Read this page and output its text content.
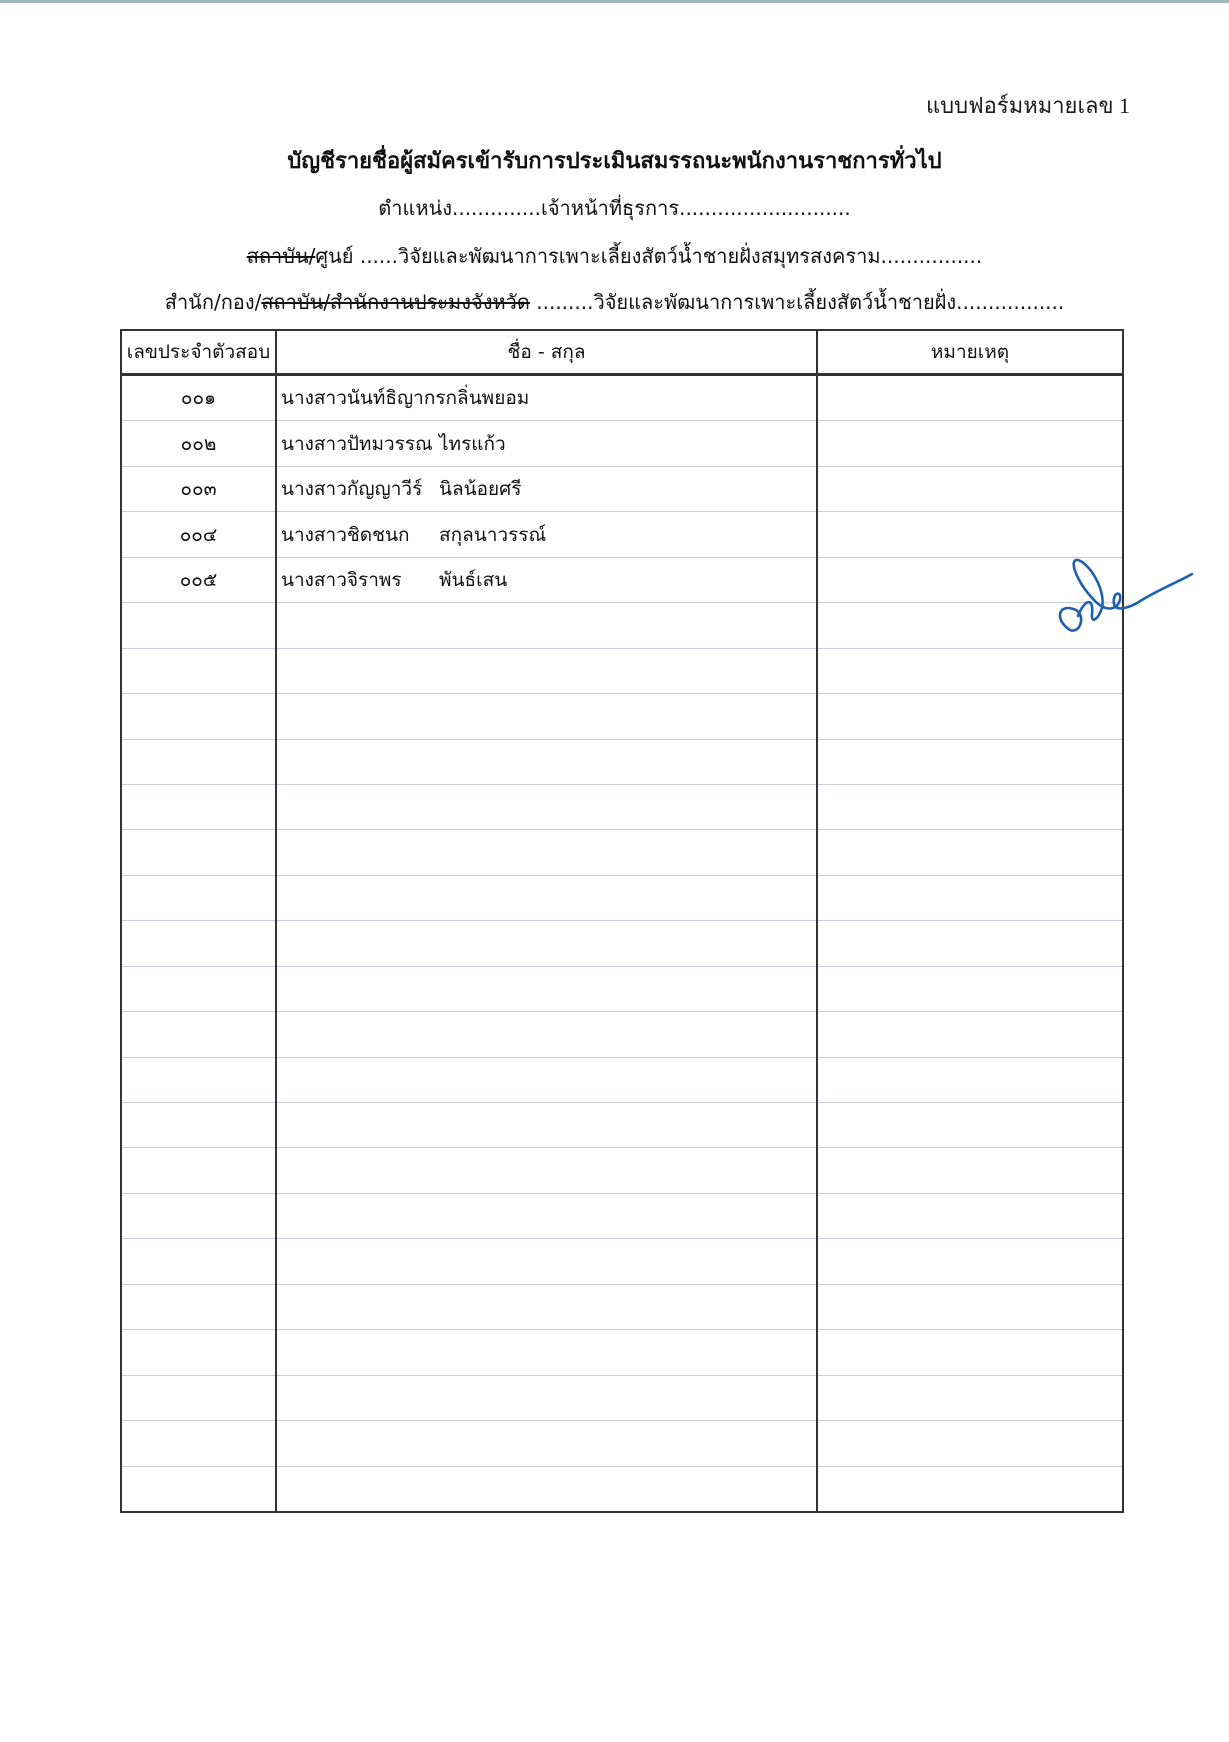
แบบฟอร์มหมายเลข 1
บัญชีรายชื่อผู้สมัครเข้ารับการประเมินสมรรถนะพนักงานราชการทั่วไป
ตำแหน่ง..............เจ้าหน้าที่ธุรการ...........................
สถาบัน/ศูนย์ ......วิจัยและพัฒนาการเพาะเลี้ยงสัตว์น้ำชายฝั่งสมุทรสงคราม................
สำนัก/กอง/สถาบัน/สำนักงานประมงจังหวัด .........วิจัยและพัฒนาการเพาะเลี้ยงสัตว์น้ำชายฝั่ง.................
เลขประจำตัวสอบ	ชื่อ - สกุล	หมายเหตุ
๐๐๑	นางสาวนันท์ธิญากรกลิ่นพยอม	
๐๐๒	นางสาวปัทมวรรณ ไทรแก้ว	
๐๐๓	นางสาวกัญญาวีร์ นิลน้อยศรี	
๐๐๔	นางสาวชิดชนก สกุลนาวรรณ์	
๐๐๕	นางสาวจิราพร พันธ์เสน	
